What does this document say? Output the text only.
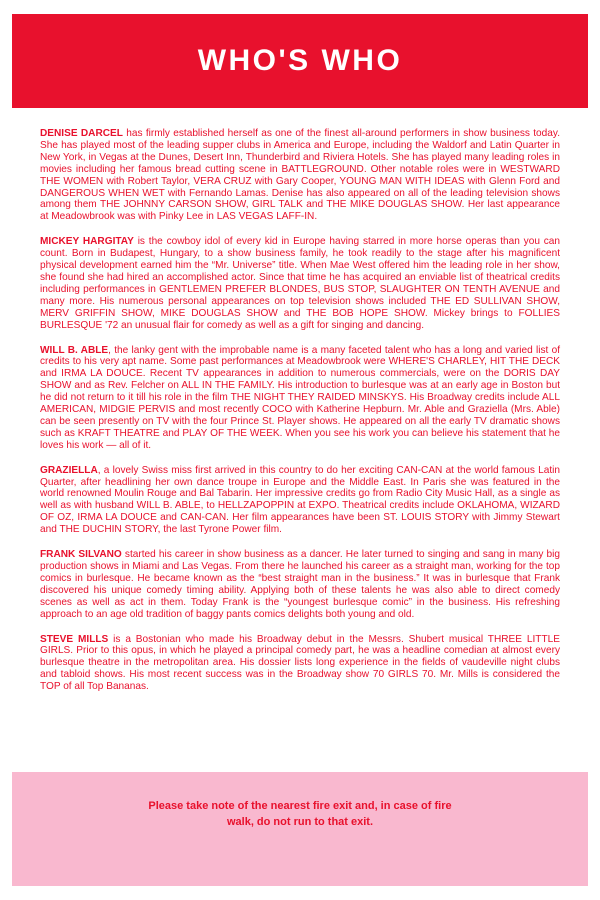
WHO'S WHO

DENISE DARCEL has firmly established herself as one of the finest all-around performers in show business today. She has played most of the leading supper clubs in America and Europe, including the Waldorf and Latin Quarter in New York, in Vegas at the Dunes, Desert Inn, Thunderbird and Riviera Hotels. She has played many leading roles in movies including her famous bread cutting scene in BATTLEGROUND. Other notable roles were in WESTWARD THE WOMEN with Robert Taylor, VERA CRUZ with Gary Cooper, YOUNG MAN WITH IDEAS with Glenn Ford and DANGEROUS WHEN WET with Fernando Lamas. Denise has also appeared on all of the leading television shows among them THE JOHNNY CARSON SHOW, GIRL TALK and THE MIKE DOUGLAS SHOW. Her last appearance at Meadowbrook was with Pinky Lee in LAS VEGAS LAFF-IN.

MICKEY HARGITAY is the cowboy idol of every kid in Europe having starred in more horse operas than you can count. Born in Budapest, Hungary, to a show business family, he took readily to the stage after his magnificent physical development earned him the “Mr. Universe” title. When Mae West offered him the leading role in her show, she found she had hired an accomplished actor. Since that time he has acquired an enviable list of theatrical credits including performances in GENTLEMEN PREFER BLONDES, BUS STOP, SLAUGHTER ON TENTH AVENUE and many more. His numerous personal appearances on top television shows included THE ED SULLIVAN SHOW, MERV GRIFFIN SHOW, MIKE DOUGLAS SHOW and THE BOB HOPE SHOW. Mickey brings to FOLLIES BURLESQUE '72 an unusual flair for comedy as well as a gift for singing and dancing.

WILL B. ABLE, the lanky gent with the improbable name is a many faceted talent who has a long and varied list of credits to his very apt name. Some past performances at Meadowbrook were WHERE'S CHARLEY, HIT THE DECK and IRMA LA DOUCE. Recent TV appearances in addition to numerous commercials, were on the DORIS DAY SHOW and as Rev. Felcher on ALL IN THE FAMILY. His introduction to burlesque was at an early age in Boston but he did not return to it till his role in the film THE NIGHT THEY RAIDED MINSKYS. His Broadway credits include ALL AMERICAN, MIDGIE PERVIS and most recently COCO with Katherine Hepburn. Mr. Able and Graziella (Mrs. Able) can be seen presently on TV with the four Prince St. Player shows. He appeared on all the early TV dramatic shows such as KRAFT THEATRE and PLAY OF THE WEEK. When you see his work you can believe his statement that he loves his work — all of it.

GRAZIELLA, a lovely Swiss miss first arrived in this country to do her exciting CAN-CAN at the world famous Latin Quarter, after headlining her own dance troupe in Europe and the Middle East. In Paris she was featured in the world renowned Moulin Rouge and Bal Tabarin. Her impressive credits go from Radio City Music Hall, as a single as well as with husband WILL B. ABLE, to HELLZAPOPPIN at EXPO. Theatrical credits include OKLAHOMA, WIZARD OF OZ, IRMA LA DOUCE and CAN-CAN. Her film appearances have been ST. LOUIS STORY with Jimmy Stewart and THE DUCHIN STORY, the last Tyrone Power film.

FRANK SILVANO started his career in show business as a dancer. He later turned to singing and sang in many big production shows in Miami and Las Vegas. From there he launched his career as a straight man, working for the top comics in burlesque. He became known as the “best straight man in the business.” It was in burlesque that Frank discovered his unique comedy timing ability. Applying both of these talents he was also able to direct comedy scenes as well as act in them. Today Frank is the “youngest burlesque comic” in the business. His refreshing approach to an age old tradition of baggy pants comics delights both young and old.

STEVE MILLS is a Bostonian who made his Broadway debut in the Messrs. Shubert musical THREE LITTLE GIRLS. Prior to this opus, in which he played a principal comedy part, he was a headline comedian at almost every burlesque theatre in the metropolitan area. His dossier lists long experience in the fields of vaudeville night clubs and tabloid shows. His most recent success was in the Broadway show 70 GIRLS 70. Mr. Mills is considered the TOP of all Top Bananas.

Please take note of the nearest fire exit and, in case of fire
walk, do not run to that exit.
